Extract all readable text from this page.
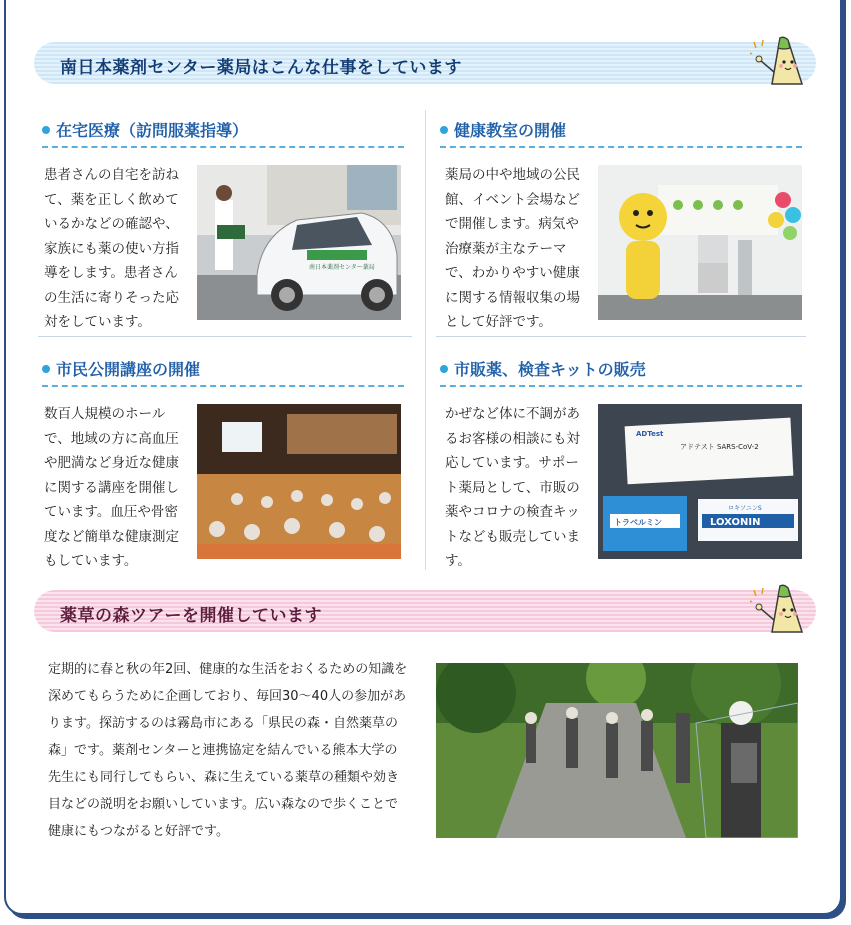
南日本薬剤センター薬局はこんな仕事をしています
在宅医療（訪問服薬指導）
患者さんの自宅を訪ねて、薬を正しく飲めているかなどの確認や、家族にも薬の使い方指導をします。患者さんの生活に寄りそった応対をしています。
南日本薬剤センター薬局
健康教室の開催
薬局の中や地域の公民館、イベント会場などで開催します。病気や治療薬が主なテーマで、わかりやすい健康に関する情報収集の場として好評です。
市民公開講座の開催
数百人規模のホールで、地域の方に高血圧や肥満など身近な健康に関する講座を開催しています。血圧や骨密度など簡単な健康測定もしています。
市販薬、検査キットの販売
かぜなど体に不調があるお客様の相談にも対応しています。サポート薬局として、市販の薬やコロナの検査キットなども販売しています。
ADTest
アドテスト SARS-CoV-2
トラベルミン	LOXONIN
ロキソニンS
薬草の森ツアーを開催しています
定期的に春と秋の年2回、健康的な生活をおくるための知識を深めてもらうために企画しており、毎回30〜40人の参加があります。探訪するのは霧島市にある「県民の森・自然薬草の森」です。薬剤センターと連携協定を結んでいる熊本大学の先生にも同行してもらい、森に生えている薬草の種類や効き目などの説明をお願いしています。広い森なので歩くことで健康にもつながると好評です。
